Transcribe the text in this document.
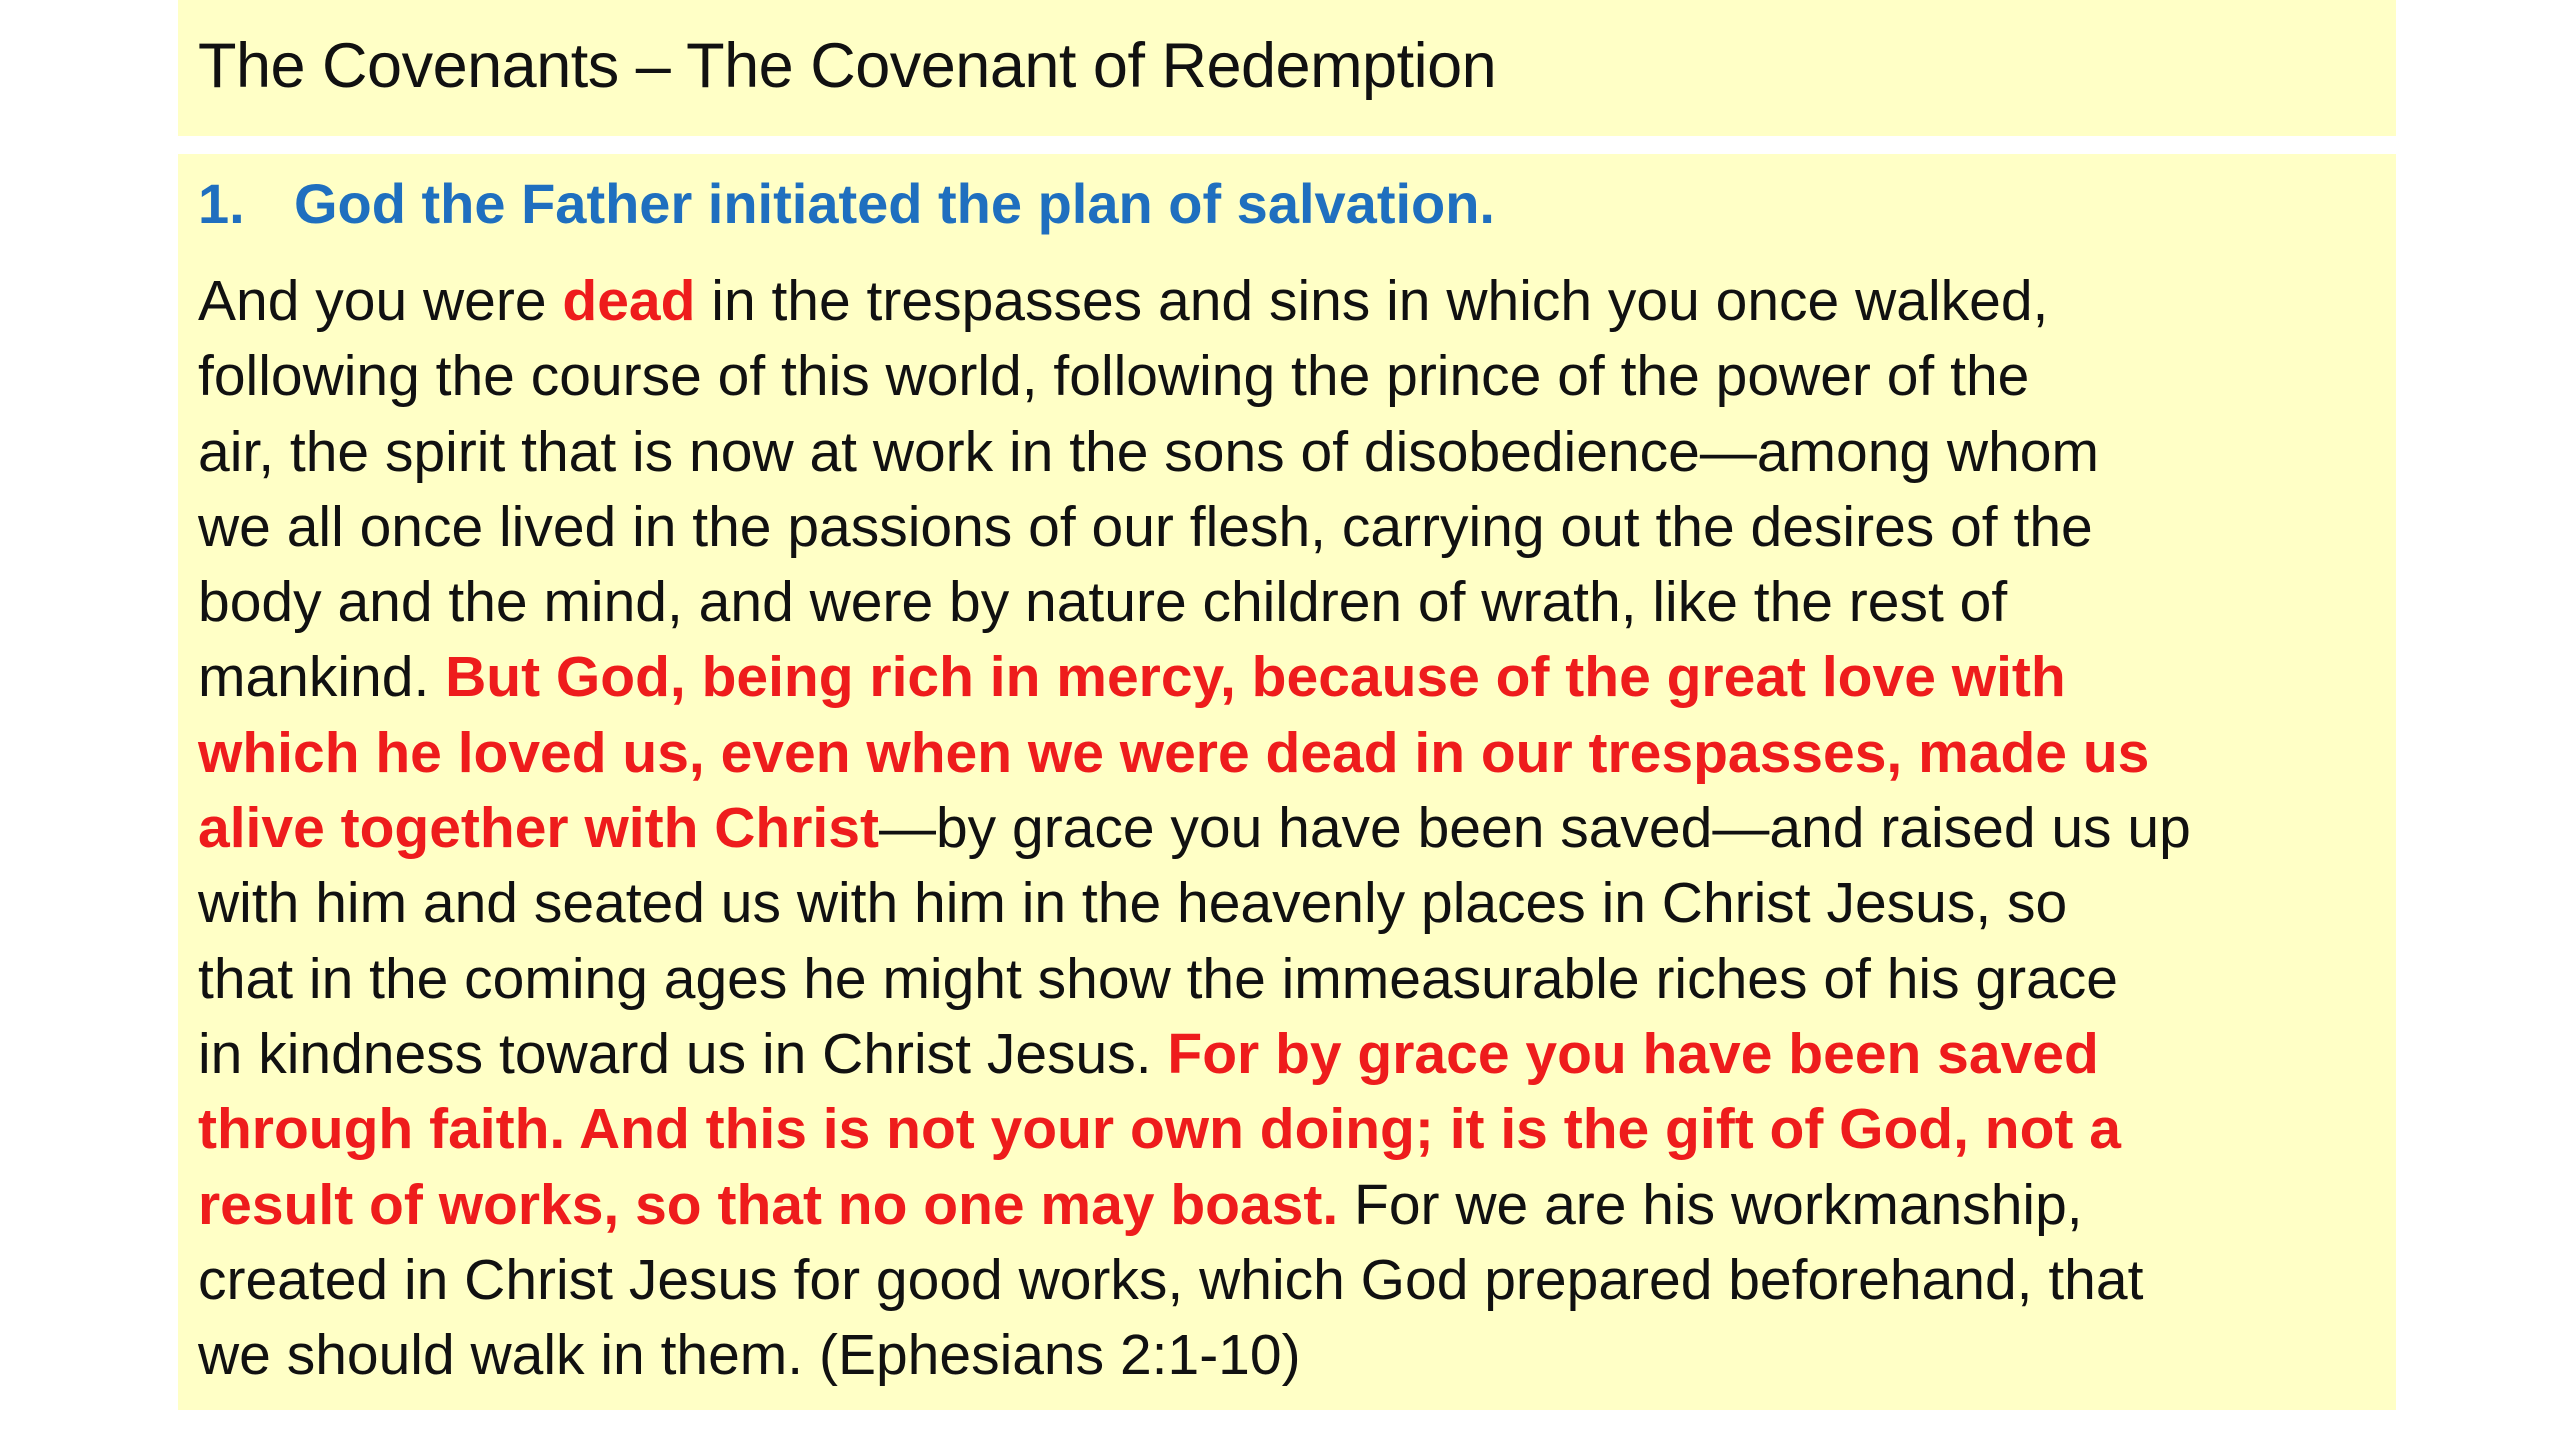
The Covenants – The Covenant of Redemption
1. God the Father initiated the plan of salvation.
And you were dead in the trespasses and sins in which you once walked,
following the course of this world, following the prince of the power of the
air, the spirit that is now at work in the sons of disobedience—among whom
we all once lived in the passions of our flesh, carrying out the desires of the
body and the mind, and were by nature children of wrath, like the rest of
mankind. But God, being rich in mercy, because of the great love with
which he loved us, even when we were dead in our trespasses, made us
alive together with Christ—by grace you have been saved—and raised us up
with him and seated us with him in the heavenly places in Christ Jesus, so
that in the coming ages he might show the immeasurable riches of his grace
in kindness toward us in Christ Jesus. For by grace you have been saved
through faith. And this is not your own doing; it is the gift of God, not a
result of works, so that no one may boast. For we are his workmanship,
created in Christ Jesus for good works, which God prepared beforehand, that
we should walk in them. (Ephesians 2:1-10)
